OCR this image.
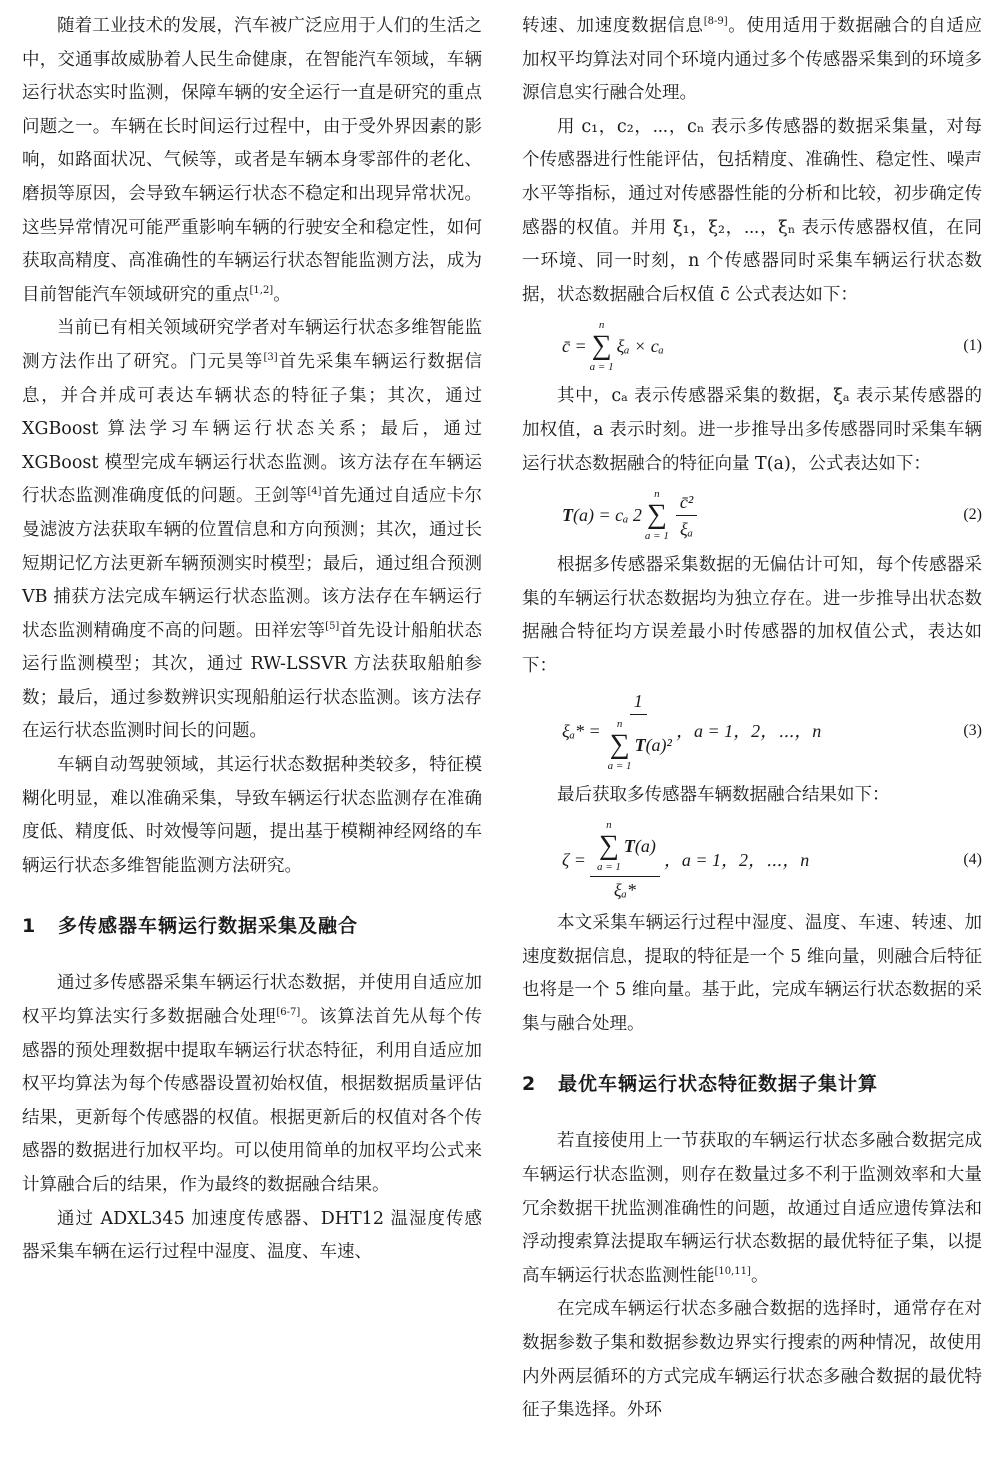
随着工业技术的发展，汽车被广泛应用于人们的生活之中，交通事故威胁着人民生命健康，在智能汽车领域，车辆运行状态实时监测，保障车辆的安全运行一直是研究的重点问题之一。车辆在长时间运行过程中，由于受外界因素的影响，如路面状况、气候等，或者是车辆本身零部件的老化、磨损等原因，会导致车辆运行状态不稳定和出现异常状况。这些异常情况可能严重影响车辆的行驶安全和稳定性，如何获取高精度、高准确性的车辆运行状态智能监测方法，成为目前智能汽车领域研究的重点[1,2]。

当前已有相关领域研究学者对车辆运行状态多维智能监测方法作出了研究。门元昊等[3]首先采集车辆运行数据信息，并合并成可表达车辆状态的特征子集；其次，通过 XGBoost 算法学习车辆运行状态关系；最后，通过 XGBoost 模型完成车辆运行状态监测。该方法存在车辆运行状态监测准确度低的问题。王剑等[4]首先通过自适应卡尔曼滤波方法获取车辆的位置信息和方向预测；其次，通过长短期记忆方法更新车辆预测实时模型；最后，通过组合预测 VB 捕获方法完成车辆运行状态监测。该方法存在车辆运行状态监测精确度不高的问题。田祥宏等[5]首先设计船舶状态运行监测模型；其次，通过 RW-LSSVR 方法获取船舶参数；最后，通过参数辨识实现船舶运行状态监测。该方法存在运行状态监测时间长的问题。

车辆自动驾驶领域，其运行状态数据种类较多，特征模糊化明显，难以准确采集，导致车辆运行状态监测存在准确度低、精度低、时效慢等问题，提出基于模糊神经网络的车辆运行状态多维智能监测方法研究。

1 多传感器车辆运行数据采集及融合

通过多传感器采集车辆运行状态数据，并使用自适应加权平均算法实行多数据融合处理[6-7]。该算法首先从每个传感器的预处理数据中提取车辆运行状态特征，利用自适应加权平均算法为每个传感器设置初始权值，根据数据质量评估结果，更新每个传感器的权值。根据更新后的权值对各个传感器的数据进行加权平均。可以使用简单的加权平均公式来计算融合后的结果，作为最终的数据融合结果。

通过 ADXL345 加速度传感器、DHT12 温湿度传感器采集车辆在运行过程中湿度、温度、车速、

转速、加速度数据信息[8-9]。使用适用于数据融合的自适应加权平均算法对同个环境内通过多个传感器采集到的环境多源信息实行融合处理。

用 c₁，c₂，⋯，cₙ 表示多传感器的数据采集量，对每个传感器进行性能评估，包括精度、准确性、稳定性、噪声水平等指标，通过对传感器性能的分析和比较，初步确定传感器的权值。并用 ξ₁，ξ₂，⋯，ξₙ 表示传感器权值，在同一环境、同一时刻，n 个传感器同时采集车辆运行状态数据，状态数据融合后权值 c̄ 公式表达如下：

c̄ =
n
∑
a = 1
ξₐ × cₐ	(1)

其中，cₐ 表示传感器采集的数据，ξₐ 表示某传感器的加权值，a 表示时刻。进一步推导出多传感器同时采集车辆运行状态数据融合的特征向量 T(a)，公式表达如下：

T (a) = cₐ 2
n
∑
$a = 1 \frac{\text{c̄²}}{\text{ξₐ}}$	(2)

根据多传感器采集数据的无偏估计可知，每个传感器采集的车辆运行状态数据均为独立存在。进一步推导出状态数据融合特征均方误差最小时传感器的加权值公式，表达如下：

ξₐ* = 1
n
∑
a = 1
T (a)² ，a = 1，2，⋯，n	(3)

最后获取多传感器车辆数据融合结果如下：

ζ = n
∑
a = 1
T (a)
ξₐ* ，a = 1，2，⋯，n	(4)

本文采集车辆运行过程中湿度、温度、车速、转速、加速度数据信息，提取的特征是一个 5 维向量，则融合后特征也将是一个 5 维向量。基于此，完成车辆运行状态数据的采集与融合处理。

2 最优车辆运行状态特征数据子集计算

若直接使用上一节获取的车辆运行状态多融合数据完成车辆运行状态监测，则存在数量过多不利于监测效率和大量冗余数据干扰监测准确性的问题，故通过自适应遗传算法和浮动搜索算法提取车辆运行状态数据的最优特征子集，以提高车辆运行状态监测性能[10,11]。

在完成车辆运行状态多融合数据的选择时，通常存在对数据参数子集和数据参数边界实行搜索的两种情况，故使用内外两层循环的方式完成车辆运行状态多融合数据的最优特征子集选择。外环
